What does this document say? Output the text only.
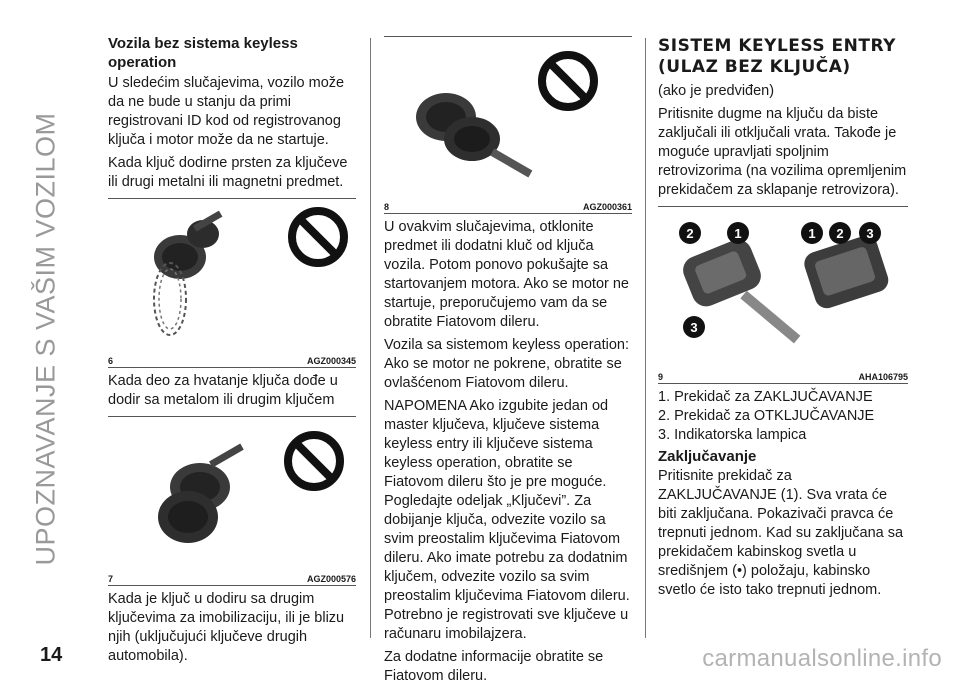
UPOZNAVANJE S VAŠIM VOZILOM
Vozila bez sistema keyless operation

U sledećim slučajevima, vozilo može da ne bude u stanju da primi registrovani ID kod od registrovanog ključa i motor može da ne startuje.

Kada ključ dodirne prsten za ključeve ili drugi metalni ili magnetni predmet.

6	AGZ000345

Kada deo za hvatanje ključa dođe u dodir sa metalom ili drugim ključem

7	AGZ000576

Kada je ključ u dodiru sa drugim ključevima za imobilizaciju, ili je blizu njih (uključujući ključeve drugih automobila).

8	AGZ000361

U ovakvim slučajevima, otklonite predmet ili dodatni kluč od ključa vozila. Potom ponovo pokušajte sa startovanjem motora. Ako se motor ne startuje, preporučujemo vam da se obratite Fiatovom dileru.

Vozila sa sistemom keyless operation: Ako se motor ne pokrene, obratite se ovlašćenom Fiatovom dileru.

NAPOMENA Ako izgubite jedan od master ključeva, ključeve sistema keyless entry ili ključeve sistema keyless operation, obratite se Fiatovom dileru što je pre moguće. Pogledajte odeljak „Ključevi”. Za dobijanje ključa, odvezite vozilo sa svim preostalim ključevima Fiatovom dileru. Ako imate potrebu za dodatnim ključem, odvezite vozilo sa svim preostalim ključevima Fiatovom dileru. Potrebno je registrovati sve ključeve u računaru imobilajzera.

Za dodatne informacije obratite se Fiatovom dileru.

SISTEM KEYLESS ENTRY (ULAZ BEZ KLJUČA)

(ako je predviđen)

Pritisnite dugme na ključu da biste zaključali ili otključali vrata. Takođe je moguće upravljati spoljnim retrovizorima (na vozilima opremljenim prekidačem za sklapanje retrovizora).

2	1
3
1 2 3
9	AHA106795
1. Prekidač za ZAKLJUČAVANJE
2. Prekidač za OTKLJUČAVANJE
3. Indikatorska lampica
Zaključavanje

Pritisnite prekidač za ZAKLJUČAVANJE (1). Sva vrata će biti zaključana. Pokazivači pravca će trepnuti jednom. Kad su zaključana sa prekidačem kabinskog svetla u središnjem (•) položaju, kabinsko svetlo će isto tako trepnuti jednom.

14	carmanualsonline.info
